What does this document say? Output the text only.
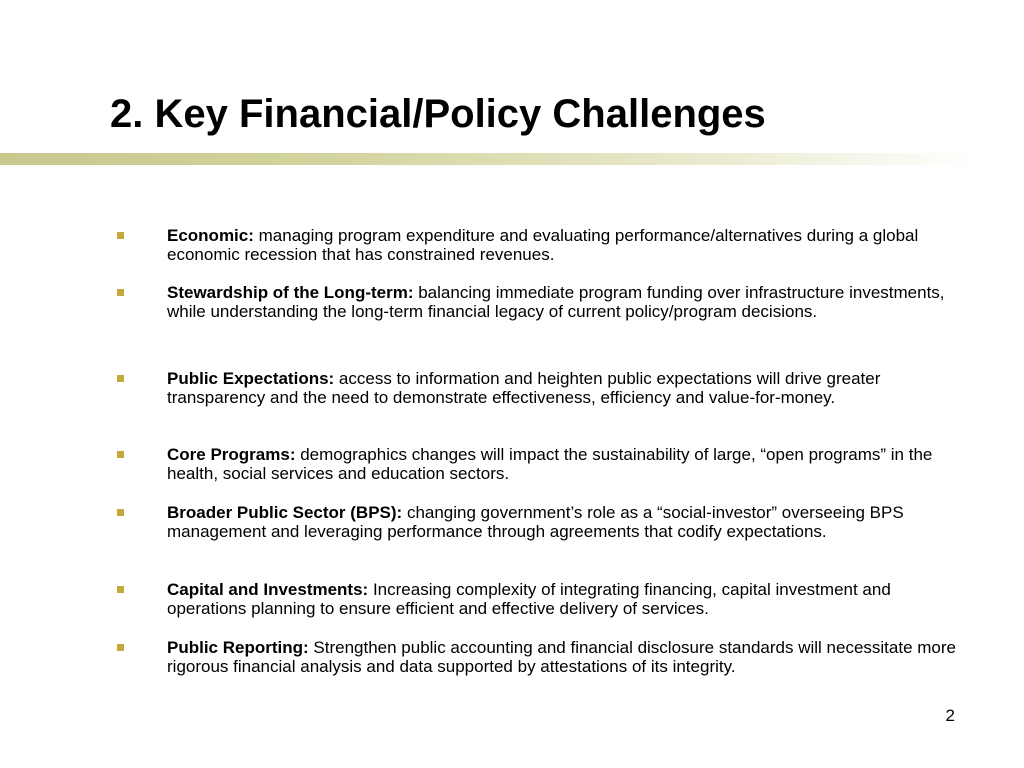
2. Key Financial/Policy Challenges
Economic: managing program expenditure and evaluating performance/alternatives during a global economic recession that has constrained revenues.
Stewardship of the Long-term: balancing immediate program funding over infrastructure investments, while understanding the long-term financial legacy of current policy/program decisions.
Public Expectations: access to information and heighten public expectations will drive greater transparency and the need to demonstrate effectiveness, efficiency and value-for-money.
Core Programs: demographics changes will impact the sustainability of large, “open programs” in the health, social services and education sectors.
Broader Public Sector (BPS): changing government’s role as a “social-investor” overseeing BPS management and leveraging performance through agreements that codify expectations.
Capital and Investments: Increasing complexity of integrating financing, capital investment and operations planning to ensure efficient and effective delivery of services.
Public Reporting: Strengthen public accounting and financial disclosure standards will necessitate more rigorous financial analysis and data supported by attestations of its integrity.
2
